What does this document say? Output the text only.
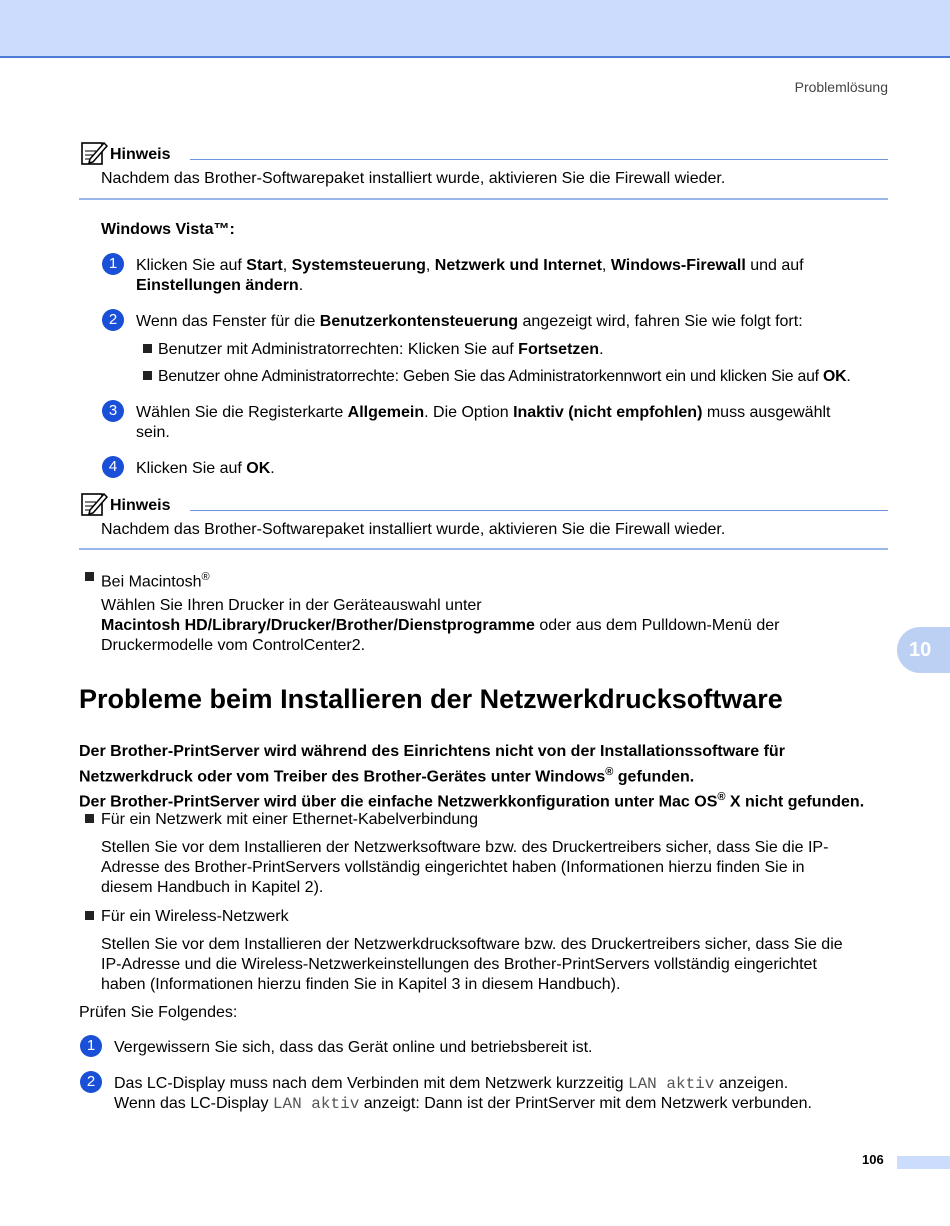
Problemlösung
Hinweis
Nachdem das Brother-Softwarepaket installiert wurde, aktivieren Sie die Firewall wieder.
Windows Vista™:
1	Klicken Sie auf Start, Systemsteuerung, Netzwerk und Internet, Windows-Firewall und auf
Einstellungen ändern.
2	Wenn das Fenster für die Benutzerkontensteuerung angezeigt wird, fahren Sie wie folgt fort:
Benutzer mit Administratorrechten: Klicken Sie auf Fortsetzen.
Benutzer ohne Administratorrechte: Geben Sie das Administratorkennwort ein und klicken Sie auf OK.
3	Wählen Sie die Registerkarte Allgemein. Die Option Inaktiv (nicht empfohlen) muss ausgewählt
sein.
4	Klicken Sie auf OK.
Hinweis
Nachdem das Brother-Softwarepaket installiert wurde, aktivieren Sie die Firewall wieder.
Bei Macintosh®
Wählen Sie Ihren Drucker in der Geräteauswahl unter
Macintosh HD/Library/Drucker/Brother/Dienstprogramme oder aus dem Pulldown-Menü der
Druckermodelle vom ControlCenter2.	10
Probleme beim Installieren der Netzwerkdrucksoftware
Der Brother-PrintServer wird während des Einrichtens nicht von der Installationssoftware für
Netzwerkdruck oder vom Treiber des Brother-Gerätes unter Windows® gefunden.
Der Brother-PrintServer wird über die einfache Netzwerkkonfiguration unter Mac OS® X nicht gefunden.
Für ein Netzwerk mit einer Ethernet-Kabelverbindung
Stellen Sie vor dem Installieren der Netzwerksoftware bzw. des Druckertreibers sicher, dass Sie die IP-
Adresse des Brother-PrintServers vollständig eingerichtet haben (Informationen hierzu finden Sie in
diesem Handbuch in Kapitel 2).
Für ein Wireless-Netzwerk
Stellen Sie vor dem Installieren der Netzwerkdrucksoftware bzw. des Druckertreibers sicher, dass Sie die
IP-Adresse und die Wireless-Netzwerkeinstellungen des Brother-PrintServers vollständig eingerichtet
haben (Informationen hierzu finden Sie in Kapitel 3 in diesem Handbuch).
Prüfen Sie Folgendes:
1	Vergewissern Sie sich, dass das Gerät online und betriebsbereit ist.
2	Das LC-Display muss nach dem Verbinden mit dem Netzwerk kurzzeitig LAN aktiv anzeigen.
Wenn das LC-Display LAN aktiv anzeigt: Dann ist der PrintServer mit dem Netzwerk verbunden.
106
